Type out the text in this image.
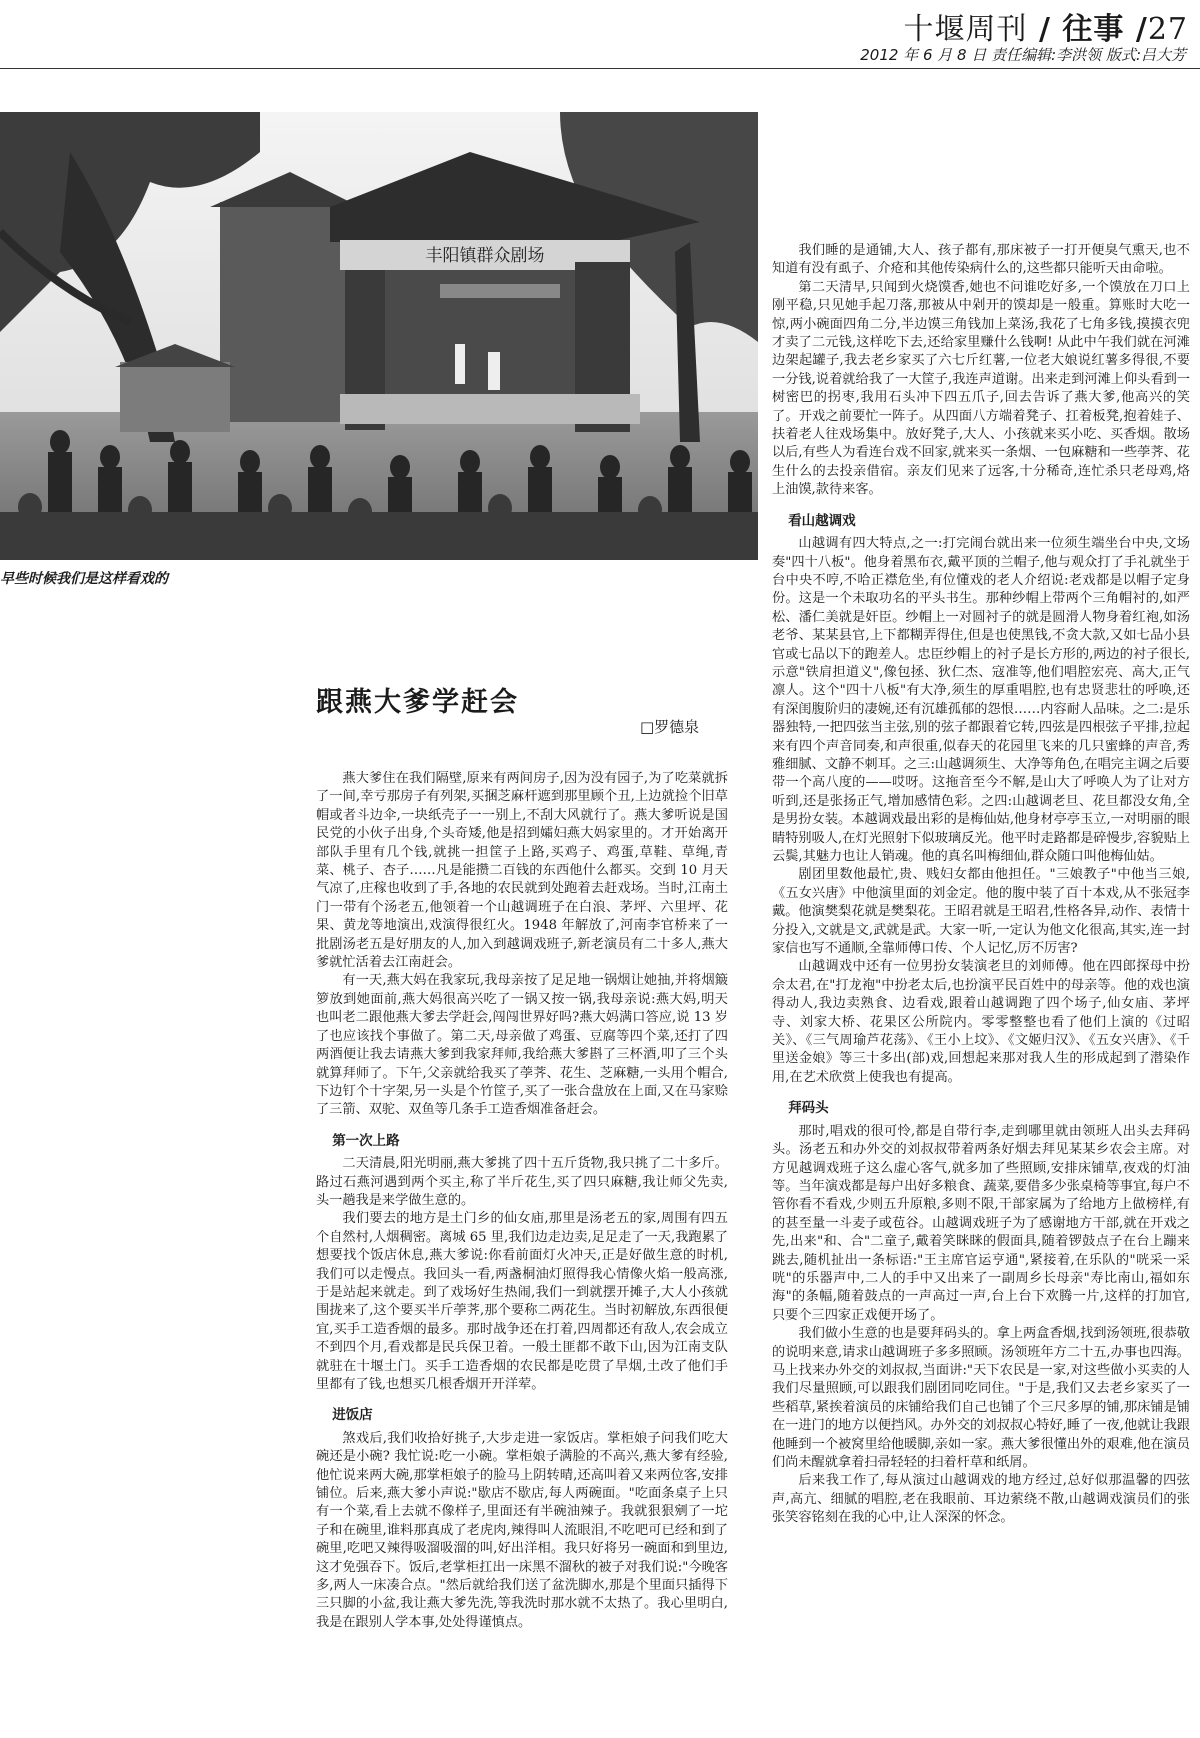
十堰周刊 / 往事 /27
2012 年 6 月 8 日 责任编辑:李洪领 版式:吕大芳
丰阳镇群众剧场
早些时候我们是这样看戏的
跟燕大爹学赶会
□罗德泉

燕大爹住在我们隔壁,原来有两间房子,因为没有园子,为了吃菜就拆了一间,幸亏那房子有列架,买捆芝麻杆遮到那里顾个丑,上边就捡个旧草帽或者斗边伞,一块纸壳子一一别上,不刮大风就行了。燕大爹听说是国民党的小伙子出身,个头奇矮,他是招到孀妇燕大妈家里的。才开始离开部队手里有几个钱,就挑一担筐子上路,买鸡子、鸡蛋,草鞋、草绳,青菜、桃子、杏子……凡是能攒二百钱的东西他什么都买。交到 10 月天气凉了,庄稼也收到了手,各地的农民就到处跑着去赶戏场。当时,江南土门一带有个汤老五,他领着一个山越调班子在白浪、茅坪、六里坪、花果、黄龙等地演出,戏演得很红火。1948 年解放了,河南李官桥来了一批剧汤老五是好朋友的人,加入到越调戏班子,新老演员有二十多人,燕大爹就忙活着去江南赶会。

有一天,燕大妈在我家玩,我母亲按了足足地一锅烟让她抽,并将烟簸箩放到她面前,燕大妈很高兴吃了一锅又按一锅,我母亲说:燕大妈,明天也叫老二跟他燕大爹去学赶会,闯闯世界好吗?燕大妈满口答应,说 13 岁了也应该找个事做了。第二天,母亲做了鸡蛋、豆腐等四个菜,还打了四两酒便让我去请燕大爹到我家拜师,我给燕大爹斟了三杯酒,叩了三个头就算拜师了。下午,父亲就给我买了荸荠、花生、芝麻糖,一头用个帽合,下边钉个十字架,另一头是个竹筐子,买了一张合盘放在上面,又在马家赊了三箭、双驼、双鱼等几条手工造香烟准备赶会。

第一次上路

二天清晨,阳光明丽,燕大爹挑了四十五斤货物,我只挑了二十多斤。路过石燕河遇到两个买主,称了半斤花生,买了四只麻糖,我让师父先卖,头一趟我是来学做生意的。

我们要去的地方是土门乡的仙女庙,那里是汤老五的家,周围有四五个自然村,人烟稠密。离城 65 里,我们边走边卖,足足走了一天,我跑累了想要找个饭店休息,燕大爹说:你看前面灯火冲天,正是好做生意的时机,我们可以走慢点。我回头一看,两盏桐油灯照得我心情像火焰一般高涨,于是站起来就走。到了戏场好生热闹,我们一到就摆开摊子,大人小孩就围拢来了,这个要买半斤荸荠,那个要称二两花生。当时初解放,东西很便宜,买手工造香烟的最多。那时战争还在打着,四周都还有敌人,农会成立不到四个月,看戏都是民兵保卫着。一般土匪都不敢下山,因为江南支队就驻在十堰土门。买手工造香烟的农民都是吃贯了旱烟,土改了他们手里都有了钱,也想买几根香烟开开洋荤。

进饭店

煞戏后,我们收拾好挑子,大步走进一家饭店。掌柜娘子问我们吃大碗还是小碗? 我忙说:吃一小碗。掌柜娘子满脸的不高兴,燕大爹有经验,他忙说来两大碗,那掌柜娘子的脸马上阴转晴,还高叫着又来两位客,安排铺位。后来,燕大爹小声说:"歇店不歇店,每人两碗面。"吃面条桌子上只有一个菜,看上去就不像样子,里面还有半碗油辣子。我就狠狠剜了一坨子和在碗里,谁料那真成了老虎肉,辣得叫人流眼泪,不吃吧可已经和到了碗里,吃吧又辣得吸溜吸溜的叫,好出洋相。我只好将另一碗面和到里边,这才免强吞下。饭后,老掌柜扛出一床黑不溜秋的被子对我们说:"今晚客多,两人一床凑合点。"然后就给我们送了盆洗脚水,那是个里面只插得下三只脚的小盆,我让燕大爹先洗,等我洗时那水就不太热了。我心里明白,我是在跟别人学本事,处处得谨慎点。

我们睡的是通铺,大人、孩子都有,那床被子一打开便臭气熏天,也不知道有没有虱子、介疮和其他传染病什么的,这些都只能听天由命啦。

第二天清早,只闻到火烧馍香,她也不问谁吃好多,一个馍放在刀口上刚平稳,只见她手起刀落,那被从中剁开的馍却是一般重。算账时大吃一惊,两小碗面四角二分,半边馍三角钱加上菜汤,我花了七角多钱,摸摸衣兜才卖了二元钱,这样吃下去,还给家里赚什么钱啊! 从此中午我们就在河滩边架起罐子,我去老乡家买了六七斤红薯,一位老大娘说红薯多得很,不要一分钱,说着就给我了一大筐子,我连声道谢。出来走到河滩上仰头看到一树密巴的拐枣,我用石头冲下四五爪子,回去告诉了燕大爹,他高兴的笑了。开戏之前要忙一阵子。从四面八方端着凳子、扛着板凳,抱着娃子、扶着老人往戏场集中。放好凳子,大人、小孩就来买小吃、买香烟。散场以后,有些人为看连台戏不回家,就来买一条烟、一包麻糖和一些荸荠、花生什么的去投亲借宿。亲友们见来了远客,十分稀奇,连忙杀只老母鸡,烙上油馍,款待来客。

看山越调戏

山越调有四大特点,之一:打完闹台就出来一位须生端坐台中央,文场奏"四十八板"。他身着黑布衣,戴平顶的兰帽子,他与观众打了手礼就坐于台中央不哼,不哈正襟危坐,有位懂戏的老人介绍说:老戏都是以帽子定身份。这是一个未取功名的平头书生。那种纱帽上带两个三角帽衬的,如严松、潘仁美就是奸臣。纱帽上一对圆衬子的就是圆滑人物身着红袍,如汤老爷、某某县官,上下都糊弄得住,但是也使黑钱,不贪大款,又如七品小县官或七品以下的跑差人。忠臣纱帽上的衬子是长方形的,两边的衬子很长,示意"铁肩担道义",像包拯、狄仁杰、寇准等,他们唱腔宏亮、高大,正气凛人。这个"四十八板"有大净,须生的厚重唱腔,也有忠贤悲壮的呼唤,还有深闺腹阶归的凄婉,还有沉雄孤郁的怨恨……内容耐人品味。之二:是乐器独特,一把四弦当主弦,别的弦子都跟着它转,四弦是四根弦子平排,拉起来有四个声音同奏,和声很重,似春天的花园里飞来的几只蜜蜂的声音,秀雅细腻、文静不刺耳。之三:山越调须生、大净等角色,在唱完主调之后要带一个高八度的——哎呀。这拖音至今不解,是山大了呼唤人为了让对方听到,还是张扬正气,增加感情色彩。之四:山越调老旦、花旦都没女角,全是男扮女装。本越调戏最出彩的是梅仙姑,他身材亭亭玉立,一对明丽的眼睛特别吸人,在灯光照射下似玻璃反光。他平时走路都是碎慢步,容貌贴上云鬓,其魅力也让人销魂。他的真名叫梅细仙,群众随口叫他梅仙姑。

剧团里数他最忙,贵、贱妇女都由他担任。"三娘教子"中他当三娘,《五女兴唐》中他演里面的刘金定。他的腹中装了百十本戏,从不张冠李戴。他演樊梨花就是樊梨花。王昭君就是王昭君,性格各异,动作、表情十分投入,文就是文,武就是武。大家一听,一定认为他文化很高,其实,连一封家信也写不通顺,全靠师傅口传、个人记忆,厉不厉害?

山越调戏中还有一位男扮女装演老旦的刘师傅。他在四郎探母中扮佘太君,在"打龙袍"中扮老太后,也扮演平民百姓中的母亲等。他的戏也演得动人,我边卖熟食、边看戏,跟着山越调跑了四个场子,仙女庙、茅坪寺、刘家大桥、花果区公所院内。零零整整也看了他们上演的《过昭关》、《三气周瑜芦花荡》、《王小上坟》、《文姬归汉》、《五女兴唐》、《千里送金娘》等三十多出(部)戏,回想起来那对我人生的形成起到了潜染作用,在艺术欣赏上使我也有提高。

拜码头

那时,唱戏的很可怜,都是自带行李,走到哪里就由领班人出头去拜码头。汤老五和办外交的刘叔叔带着两条好烟去拜见某某乡农会主席。对方见越调戏班子这么虚心客气,就多加了些照顾,安排床铺草,夜戏的灯油等。当年演戏都是每户出好多粮食、蔬菜,要借多少张桌椅等事宜,每户不管你看不看戏,少则五升原粮,多则不限,干部家属为了给地方上做榜样,有的甚至量一斗麦子或苞谷。山越调戏班子为了感谢地方干部,就在开戏之先,出来"和、合"二童子,戴着笑眯眯的假面具,随着锣鼓点子在台上蹦来跳去,随机扯出一条标语:"王主席官运亨通",紧接着,在乐队的"咣采一采咣"的乐器声中,二人的手中又出来了一副周乡长母亲"寿比南山,福如东海"的条幅,随着鼓点的一声高过一声,台上台下欢腾一片,这样的打加官,只要个三四家正戏便开场了。

我们做小生意的也是要拜码头的。拿上两盒香烟,找到汤领班,很恭敬的说明来意,请求山越调班子多多照顾。汤领班年方二十五,办事也四海。马上找来办外交的刘叔叔,当面讲:"天下农民是一家,对这些做小买卖的人我们尽量照顾,可以跟我们剧团同吃同住。"于是,我们又去老乡家买了一些稻草,紧挨着演员的床铺给我们自己也铺了个三尺多厚的铺,那床铺是铺在一进门的地方以便挡风。办外交的刘叔叔心特好,睡了一夜,他就让我跟他睡到一个被窝里给他暖脚,亲如一家。燕大爹很懂出外的艰难,他在演员们尚未醒就拿着扫帚轻轻的扫着杆草和纸屑。

后来我工作了,每从演过山越调戏的地方经过,总好似那温馨的四弦声,高亢、细腻的唱腔,老在我眼前、耳边萦绕不散,山越调戏演员们的张张笑容铭刻在我的心中,让人深深的怀念。
